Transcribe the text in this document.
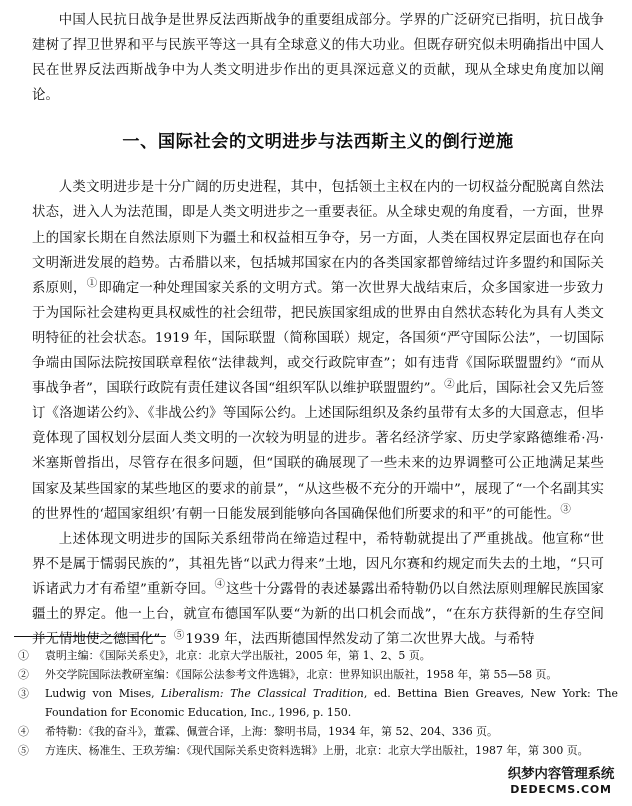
中国人民抗日战争是世界反法西斯战争的重要组成部分。学界的广泛研究已指明，抗日战争建树了捍卫世界和平与民族平等这一具有全球意义的伟大功业。但既存研究似未明确指出中国人民在世界反法西斯战争中为人类文明进步作出的更具深远意义的贡献，现从全球史角度加以阐论。

一、国际社会的文明进步与法西斯主义的倒行逆施

人类文明进步是十分广阔的历史进程，其中，包括领土主权在内的一切权益分配脱离自然法状态，进入人为法范围，即是人类文明进步之一重要表征。从全球史观的角度看，一方面，世界上的国家长期在自然法原则下为疆土和权益相互争夺，另一方面，人类在国权界定层面也存在向文明渐进发展的趋势。古希腊以来，包括城邦国家在内的各类国家都曾缔结过许多盟约和国际关系原则，①即确定一种处理国家关系的文明方式。第一次世界大战结束后，众多国家进一步致力于为国际社会建构更具权威性的社会纽带，把民族国家组成的世界由自然状态转化为具有人类文明特征的社会状态。1919 年，国际联盟（简称国联）规定，各国须“严守国际公法”，一切国际争端由国际法院按国联章程依“法律裁判，或交行政院审查”；如有违背《国际联盟盟约》“而从事战争者”，国联行政院有责任建议各国“组织军队以维护联盟盟约”。②此后，国际社会又先后签订《洛迦诺公约》、《非战公约》等国际公约。上述国际组织及条约虽带有太多的大国意志，但毕竟体现了国权划分层面人类文明的一次较为明显的进步。著名经济学家、历史学家路德维希·冯·米塞斯曾指出，尽管存在很多问题，但“国联的确展现了一些未来的边界调整可公正地满足某些国家及某些国家的某些地区的要求的前景”，“从这些极不充分的开端中”，展现了“一个名副其实的世界性的‘超国家组织’有朝一日能发展到能够向各国确保他们所要求的和平”的可能性。③

上述体现文明进步的国际关系纽带尚在缔造过程中，希特勒就提出了严重挑战。他宣称“世界不是属于懦弱民族的”，其祖先皆“以武力得来”土地，因凡尔赛和约规定而失去的土地，“只可诉诸武力才有希望”重新夺回。④这些十分露骨的表述暴露出希特勒仍以自然法原则理解民族国家疆土的界定。他一上台，就宣布德国军队要“为新的出口机会而战”，“在东方获得新的生存空间并无情地使之德国化”。⑤1939 年，法西斯德国悍然发动了第二次世界大战。与希特

①	袁明主编：《国际关系史》，北京：北京大学出版社，2005 年，第 1、2、5 页。
②	外交学院国际法教研室编：《国际公法参考文件选辑》，北京：世界知识出版社，1958 年，第 55—58 页。
③	Ludwig von Mises, Liberalism: The Classical Tradition, ed. Bettina Bien Greaves, New York: The Foundation for Economic Education, Inc., 1996, p. 150.
④	希特勒：《我的奋斗》，董霖、佩萱合译，上海：黎明书局，1934 年，第 52、204、336 页。
⑤	方连庆、杨准生、王玖芳编：《现代国际关系史资料选辑》上册，北京：北京大学出版社，1987 年，第 300 页。
织梦内容管理系统
DEDECMS.COM
